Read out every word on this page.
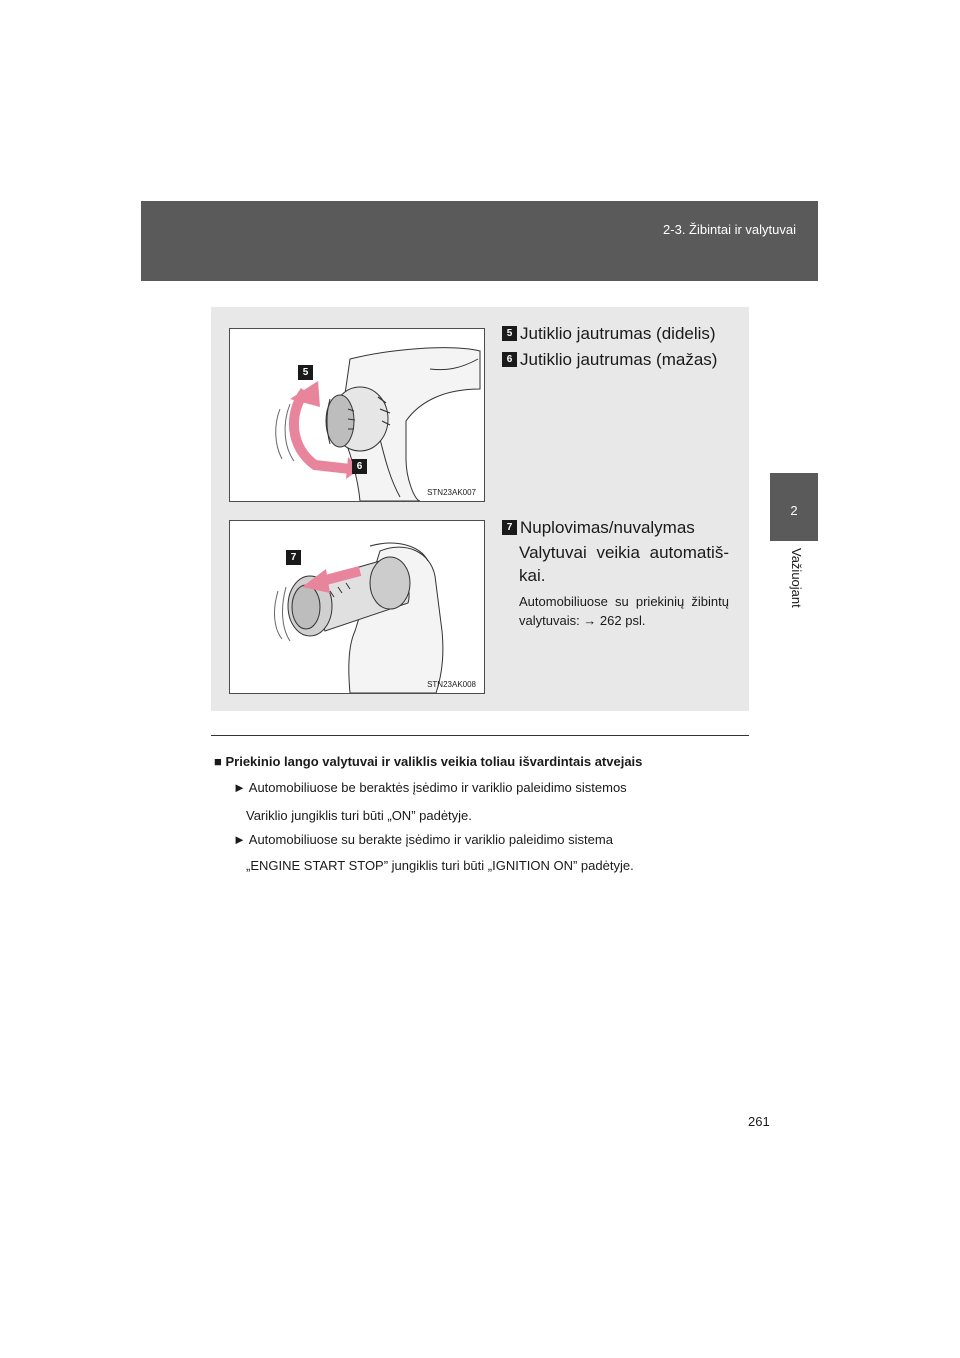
2-3. Žibintai ir valytuvai
2
Važiuojant
5
6
STN23AK007
7
STN23AK008
5 Jutiklio jautrumas (didelis)
6 Jutiklio jautrumas (mažas)
7 Nuplovimas/nuvalymas
Valytuvai veikia automatiš-kai.
Automobiliuose su priekinių žibintų valytuvais: → 262 psl.
■ Priekinio lango valytuvai ir valiklis veikia toliau išvardintais atvejais
► Automobiliuose be beraktės įsėdimo ir variklio paleidimo sistemos
Variklio jungiklis turi būti „ON” padėtyje.
► Automobiliuose su berakte įsėdimo ir variklio paleidimo sistema
„ENGINE START STOP” jungiklis turi būti „IGNITION ON” padėtyje.
261
